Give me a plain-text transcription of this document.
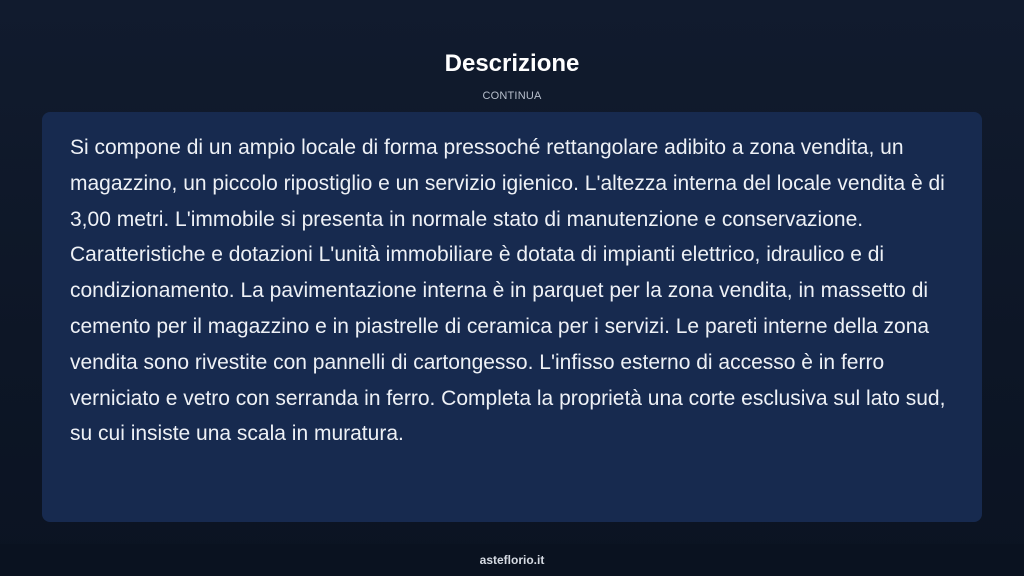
Descrizione
CONTINUA

Si compone di un ampio locale di forma pressoché rettangolare adibito a zona vendita, un magazzino, un piccolo ripostiglio e un servizio igienico. L'altezza interna del locale vendita è di 3,00 metri. L'immobile si presenta in normale stato di manutenzione e conservazione. Caratteristiche e dotazioni L'unità immobiliare è dotata di impianti elettrico, idraulico e di condizionamento. La pavimentazione interna è in parquet per la zona vendita, in massetto di cemento per il magazzino e in piastrelle di ceramica per i servizi. Le pareti interne della zona vendita sono rivestite con pannelli di cartongesso. L'infisso esterno di accesso è in ferro verniciato e vetro con serranda in ferro. Completa la proprietà una corte esclusiva sul lato sud, su cui insiste una scala in muratura.

asteflorio.it
